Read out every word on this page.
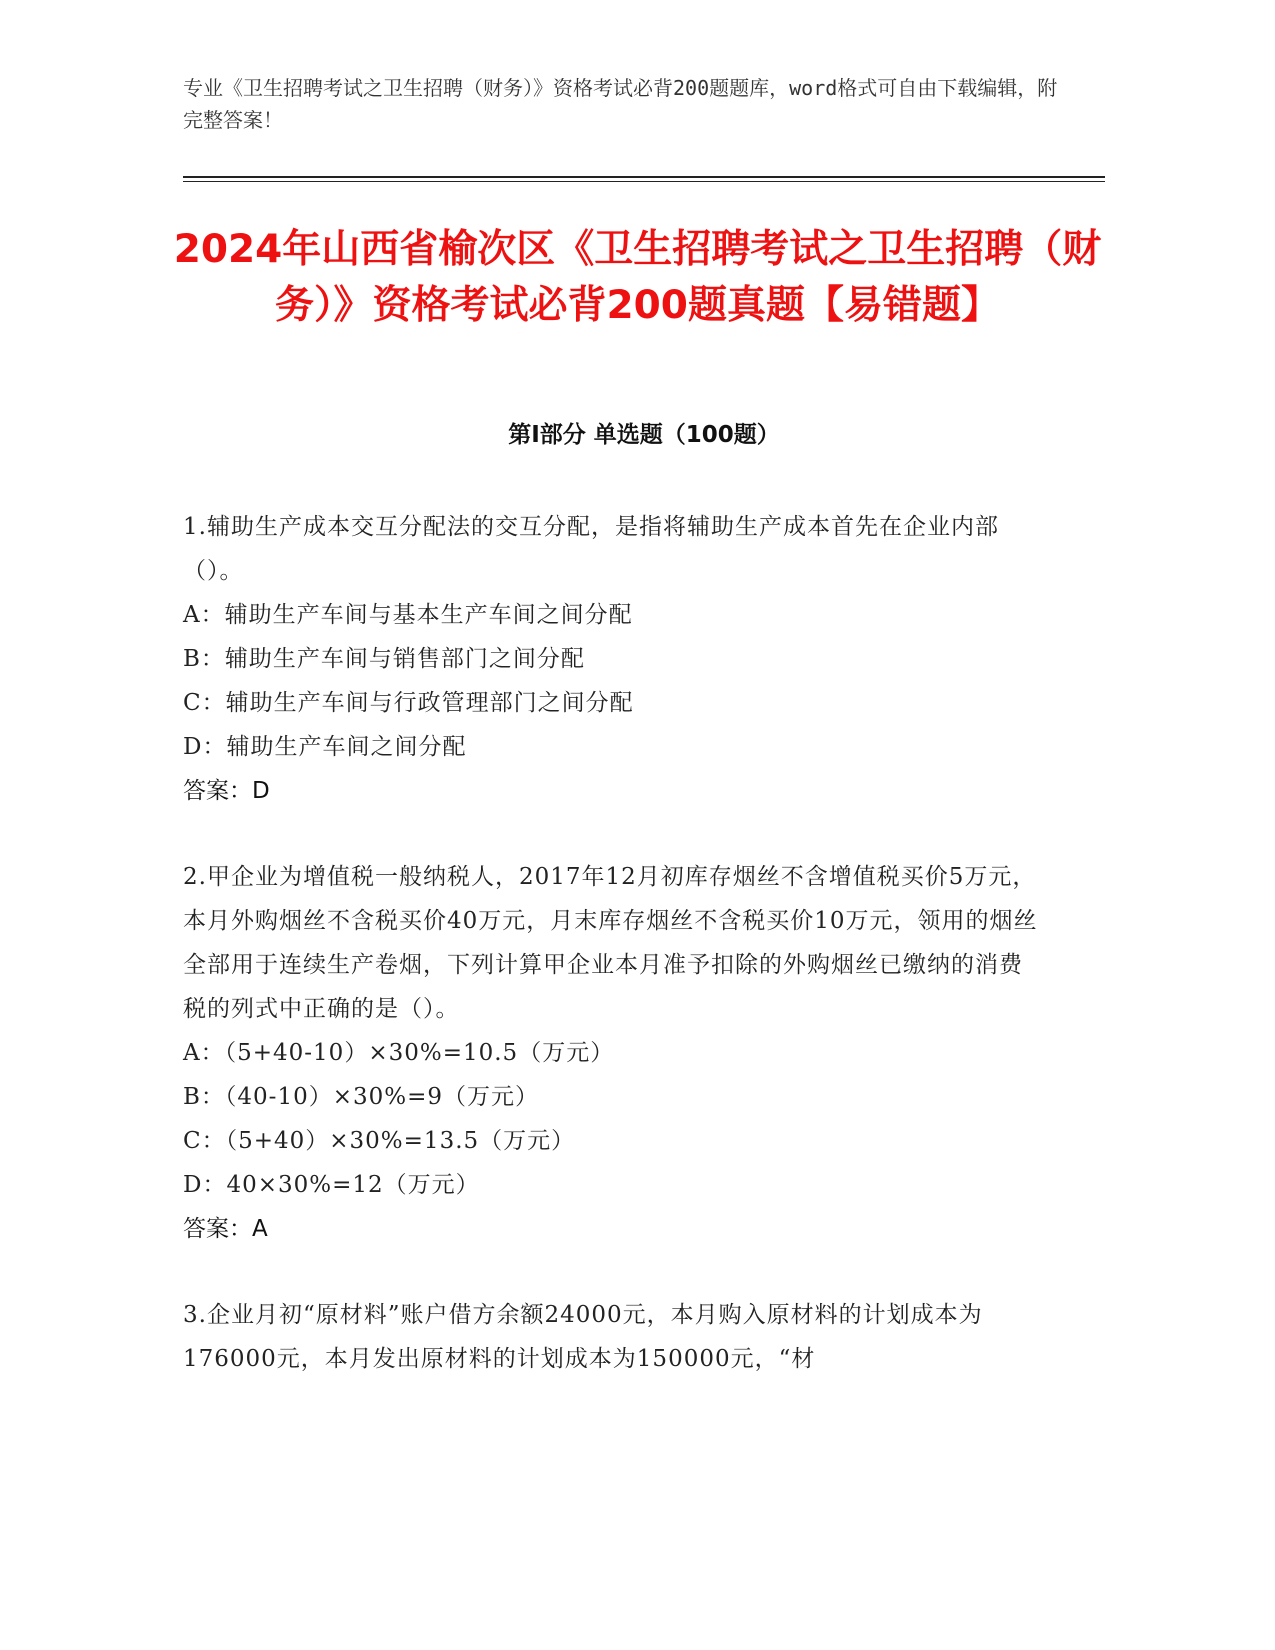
专业《卫生招聘考试之卫生招聘（财务）》资格考试必背200题题库，word格式可自由下载编辑，附完整答案！
2024年山西省榆次区《卫生招聘考试之卫生招聘（财务）》资格考试必背200题真题【易错题】
第I部分 单选题（100题）
1.辅助生产成本交互分配法的交互分配，是指将辅助生产成本首先在企业内部（）。
A：辅助生产车间与基本生产车间之间分配
B：辅助生产车间与销售部门之间分配
C：辅助生产车间与行政管理部门之间分配
D：辅助生产车间之间分配
答案：D
2.甲企业为增值税一般纳税人，2017年12月初库存烟丝不含增值税买价5万元，本月外购烟丝不含税买价40万元，月末库存烟丝不含税买价10万元，领用的烟丝全部用于连续生产卷烟，下列计算甲企业本月准予扣除的外购烟丝已缴纳的消费税的列式中正确的是（）。
A：（5+40-10）×30%=10.5（万元）
B：（40-10）×30%=9（万元）
C：（5+40）×30%=13.5（万元）
D：40×30%=12（万元）
答案：A
3.企业月初“原材料”账户借方余额24000元，本月购入原材料的计划成本为176000元，本月发出原材料的计划成本为150000元，“材
